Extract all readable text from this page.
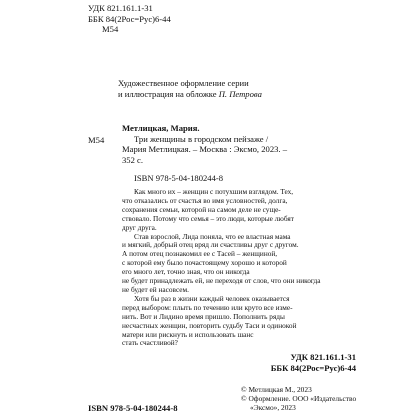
УДК 821.161.1-31
ББК 84(2Рос=Рус)6-44
М54
Художественное оформление серии
и иллюстрация на обложке П. Петрова
М54
Метлицкая, Мария.
Три женщины в городском пейзаже /
Мария Метлицкая. – Москва : Эксмо, 2023. –
352 с.
ISBN 978-5-04-180244-8
Как много их – женщин с потухшим взглядом. Тех,
что отказались от счастья во имя условностей, долга,
сохранения семьи, которой на самом деле не суще-
ствовало. Потому что семья – это люди, которые любят
друг друга.
Став взрослой, Лида поняла, что ее властная мама
и мягкий, добрый отец вряд ли счастливы друг с другом.
А потом отец познакомил ее с Тасей – женщиной,
с которой ему было почастоящему хорошо и которой
его много лет, точно зная, что он никогда
не будет принадлежать ей, не переходя от слов, что они никогда
не будет ей насовсем.
Хотя бы раз в жизни каждый человек оказывается
перед выбором: плыть по течению или круто все изме-
нить. Вот и Лидино время пришло. Пополнить ряды
несчастных женщин, повторить судьбу Таси и одинокой
матери или рискнуть и использовать шанс
стать счастливой?
УДК 821.161.1-31
ББК 84(2Рос=Рус)6-44
ISBN 978-5-04-180244-8
© Метлицкая М., 2023
© Оформление. ООО «Издательство
«Эксмо», 2023
